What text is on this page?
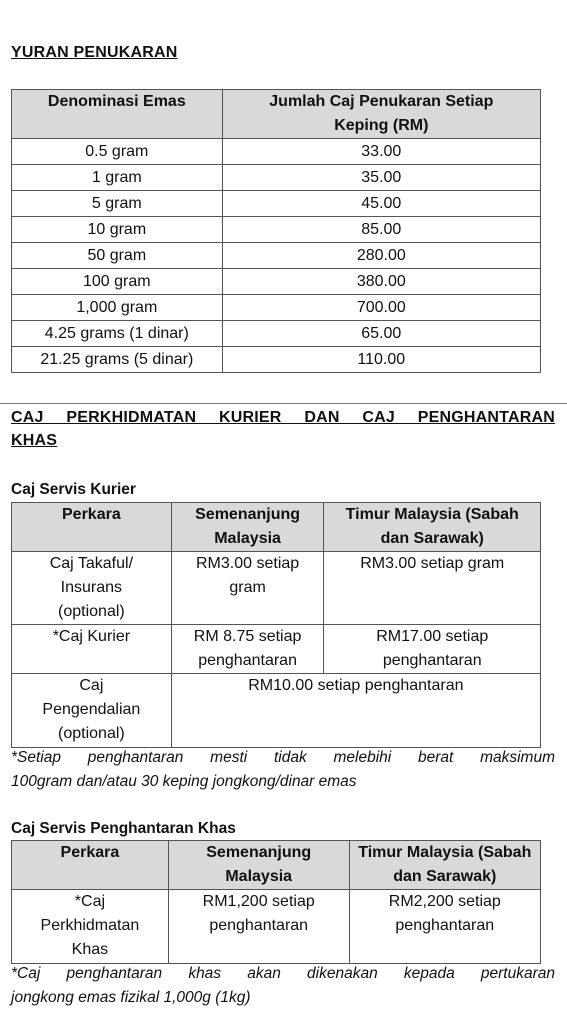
YURAN PENUKARAN
Denominasi Emas	Jumlah Caj Penukaran Setiap Keping (RM)
0.5 gram	33.00
1 gram	35.00
5 gram	45.00
10 gram	85.00
50 gram	280.00
100 gram	380.00
1,000 gram	700.00
4.25 grams (1 dinar)	65.00
21.25 grams (5 dinar)	110.00
CAJ PERKHIDMATAN KURIER DAN CAJ PENGHANTARAN
KHAS
Caj Servis Kurier
Perkara	Semenanjung Malaysia	Timur Malaysia (Sabah dan Sarawak)
Caj Takaful/ Insurans (optional)	RM3.00 setiap gram	RM3.00 setiap gram
*Caj Kurier	RM 8.75 setiap penghantaran	RM17.00 setiap penghantaran
Caj Pengendalian (optional)	RM10.00 setiap penghantaran	
*Setiap penghantaran mesti tidak melebihi berat maksimum
100gram dan/atau 30 keping jongkong/dinar emas
Caj Servis Penghantaran Khas
Perkara	Semenanjung Malaysia	Timur Malaysia (Sabah dan Sarawak)
*Caj Perkhidmatan Khas	RM1,200 setiap penghantaran	RM2,200 setiap penghantaran
*Caj penghantaran khas akan dikenakan kepada pertukaran
jongkong emas fizikal 1,000g (1kg)
